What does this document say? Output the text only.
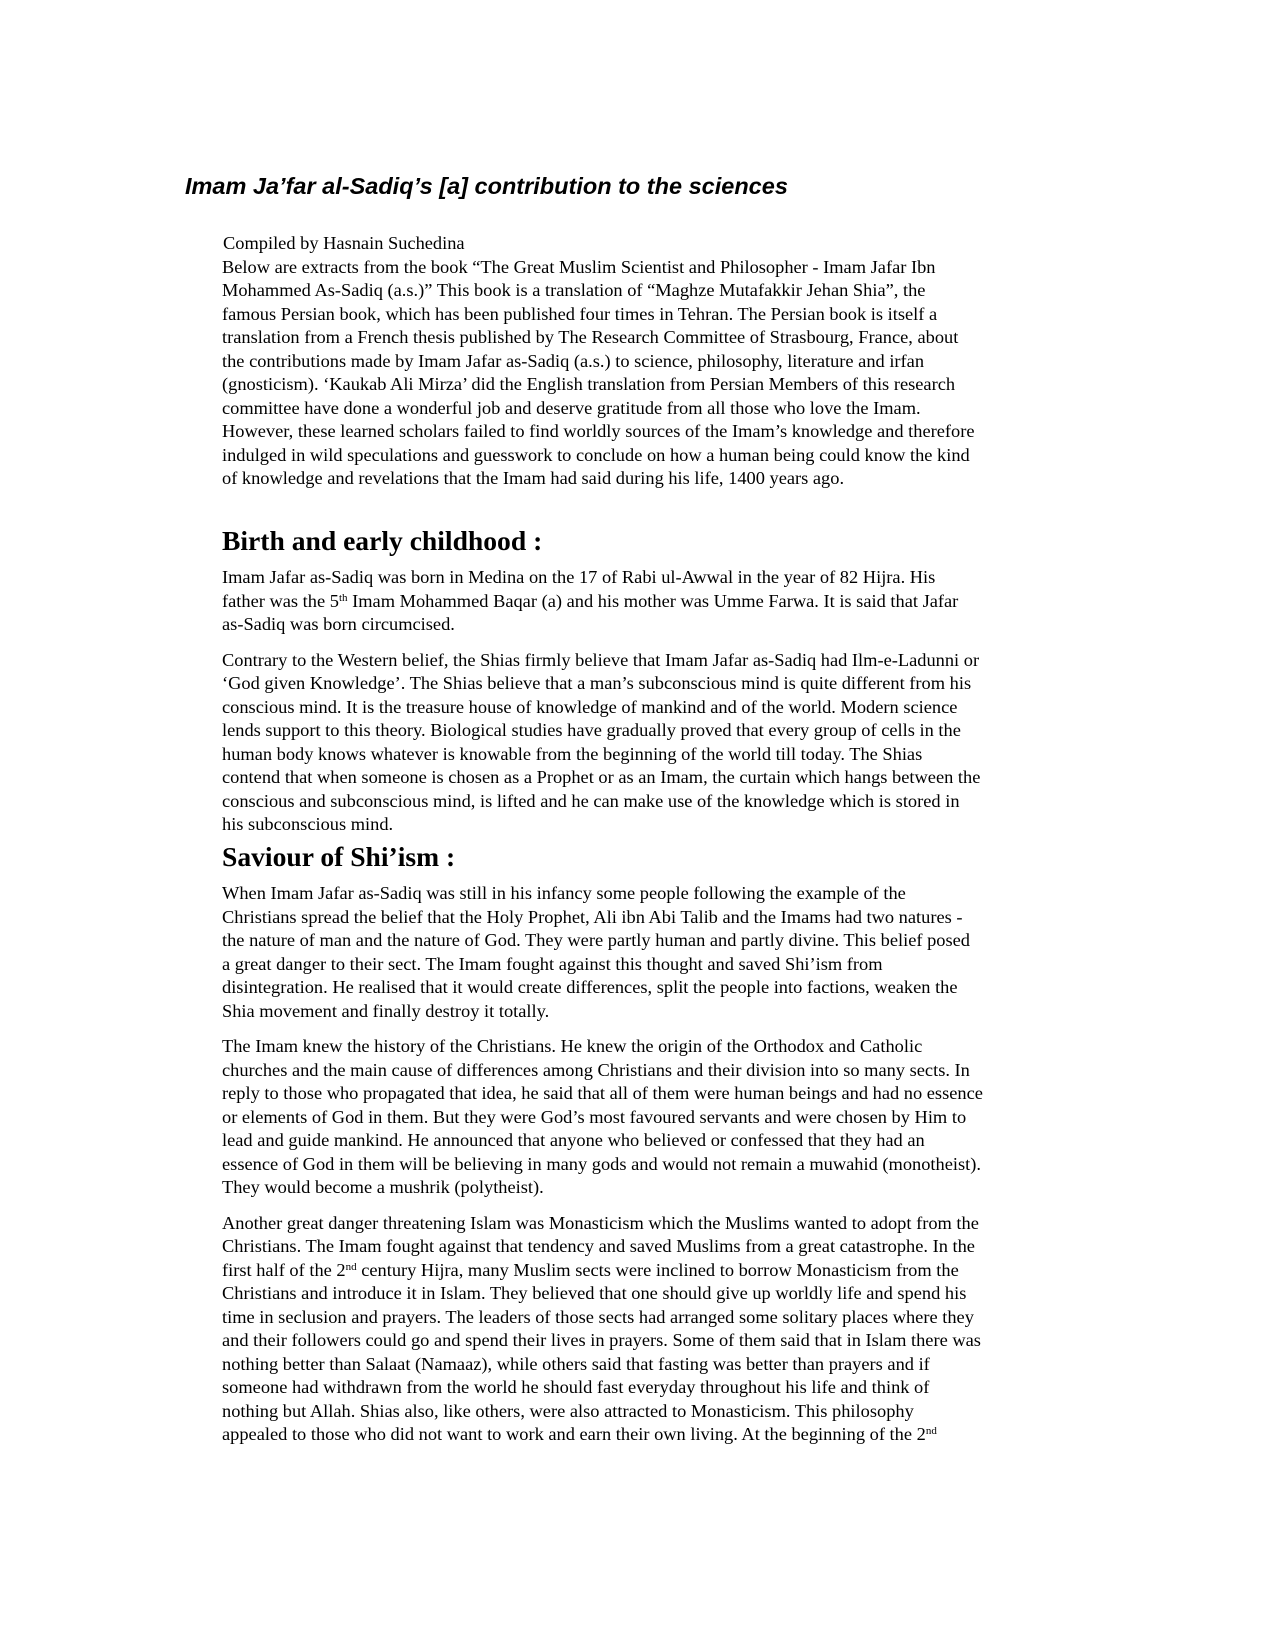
Imam Ja’far al-Sadiq’s [a] contribution to the sciences

Compiled by Hasnain Suchedina

Below are extracts from the book “The Great Muslim Scientist and Philosopher - Imam Jafar Ibn
Mohammed As-Sadiq (a.s.)” This book is a translation of “Maghze Mutafakkir Jehan Shia”, the
famous Persian book, which has been published four times in Tehran. The Persian book is itself a
translation from a French thesis published by The Research Committee of Strasbourg, France, about
the contributions made by Imam Jafar as-Sadiq (a.s.) to science, philosophy, literature and irfan
(gnosticism). ‘Kaukab Ali Mirza’ did the English translation from Persian Members of this research
committee have done a wonderful job and deserve gratitude from all those who love the Imam.
However, these learned scholars failed to find worldly sources of the Imam’s knowledge and therefore
indulged in wild speculations and guesswork to conclude on how a human being could know the kind
of knowledge and revelations that the Imam had said during his life, 1400 years ago.

Birth and early childhood :

Imam Jafar as-Sadiq was born in Medina on the 17 of Rabi ul-Awwal in the year of 82 Hijra. His
father was the 5th Imam Mohammed Baqar (a) and his mother was Umme Farwa. It is said that Jafar
as-Sadiq was born circumcised.

Contrary to the Western belief, the Shias firmly believe that Imam Jafar as-Sadiq had Ilm-e-Ladunni or
‘God given Knowledge’. The Shias believe that a man’s subconscious mind is quite different from his
conscious mind. It is the treasure house of knowledge of mankind and of the world. Modern science
lends support to this theory. Biological studies have gradually proved that every group of cells in the
human body knows whatever is knowable from the beginning of the world till today. The Shias
contend that when someone is chosen as a Prophet or as an Imam, the curtain which hangs between the
conscious and subconscious mind, is lifted and he can make use of the knowledge which is stored in
his subconscious mind.

Saviour of Shi’ism :

When Imam Jafar as-Sadiq was still in his infancy some people following the example of the
Christians spread the belief that the Holy Prophet, Ali ibn Abi Talib and the Imams had two natures -
the nature of man and the nature of God. They were partly human and partly divine. This belief posed
a great danger to their sect. The Imam fought against this thought and saved Shi’ism from
disintegration. He realised that it would create differences, split the people into factions, weaken the
Shia movement and finally destroy it totally.

The Imam knew the history of the Christians. He knew the origin of the Orthodox and Catholic
churches and the main cause of differences among Christians and their division into so many sects. In
reply to those who propagated that idea, he said that all of them were human beings and had no essence
or elements of God in them. But they were God’s most favoured servants and were chosen by Him to
lead and guide mankind. He announced that anyone who believed or confessed that they had an
essence of God in them will be believing in many gods and would not remain a muwahid (monotheist).
They would become a mushrik (polytheist).

Another great danger threatening Islam was Monasticism which the Muslims wanted to adopt from the
Christians. The Imam fought against that tendency and saved Muslims from a great catastrophe. In the
first half of the 2nd century Hijra, many Muslim sects were inclined to borrow Monasticism from the
Christians and introduce it in Islam. They believed that one should give up worldly life and spend his
time in seclusion and prayers. The leaders of those sects had arranged some solitary places where they
and their followers could go and spend their lives in prayers. Some of them said that in Islam there was
nothing better than Salaat (Namaaz), while others said that fasting was better than prayers and if
someone had withdrawn from the world he should fast everyday throughout his life and think of
nothing but Allah. Shias also, like others, were also attracted to Monasticism. This philosophy
appealed to those who did not want to work and earn their own living. At the beginning of the 2nd
